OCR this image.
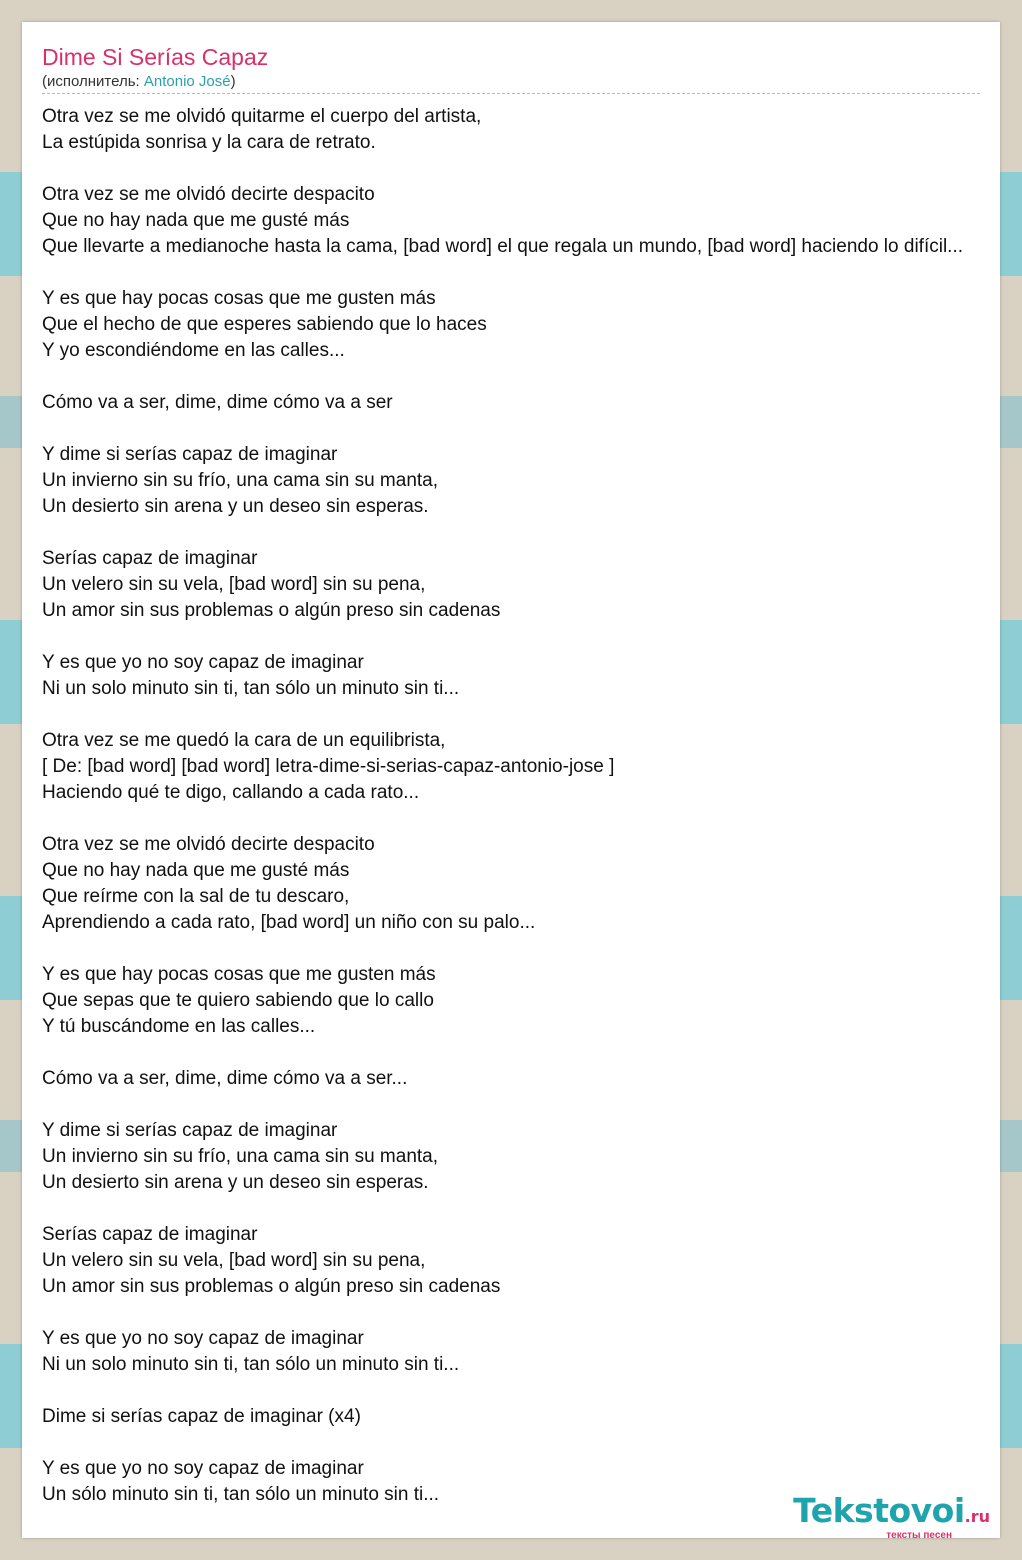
Dime Si Serías Capaz
(исполнитель: Antonio José)
Otra vez se me olvidó quitarme el cuerpo del artista,
La estúpida sonrisa y la cara de retrato.
Otra vez se me olvidó decirte despacito
Que no hay nada que me gusté más
Que llevarte a medianoche hasta la cama, [bad word] el que regala un mundo, [bad word] haciendo lo difícil...
Y es que hay pocas cosas que me gusten más
Que el hecho de que esperes sabiendo que lo haces
Y yo escondiéndome en las calles...
Cómo va a ser, dime, dime cómo va a ser
Y dime si serías capaz de imaginar
Un invierno sin su frío, una cama sin su manta,
Un desierto sin arena y un deseo sin esperas.
Serías capaz de imaginar
Un velero sin su vela, [bad word] sin su pena,
Un amor sin sus problemas o algún preso sin cadenas
Y es que yo no soy capaz de imaginar
Ni un solo minuto sin ti, tan sólo un minuto sin ti...
Otra vez se me quedó la cara de un equilibrista,
[ De: [bad word] [bad word] letra-dime-si-serias-capaz-antonio-jose ]
Haciendo qué te digo, callando a cada rato...
Otra vez se me olvidó decirte despacito
Que no hay nada que me gusté más
Que reírme con la sal de tu descaro,
Aprendiendo a cada rato, [bad word] un niño con su palo...
Y es que hay pocas cosas que me gusten más
Que sepas que te quiero sabiendo que lo callo
Y tú buscándome en las calles...
Cómo va a ser, dime, dime cómo va a ser...
Y dime si serías capaz de imaginar
Un invierno sin su frío, una cama sin su manta,
Un desierto sin arena y un deseo sin esperas.
Serías capaz de imaginar
Un velero sin su vela, [bad word] sin su pena,
Un amor sin sus problemas o algún preso sin cadenas
Y es que yo no soy capaz de imaginar
Ni un solo minuto sin ti, tan sólo un minuto sin ti...
Dime si serías capaz de imaginar (x4)
Y es que yo no soy capaz de imaginar
Un sólo minuto sin ti, tan sólo un minuto sin ti...	Tekstovoi.ru
тексты песен
